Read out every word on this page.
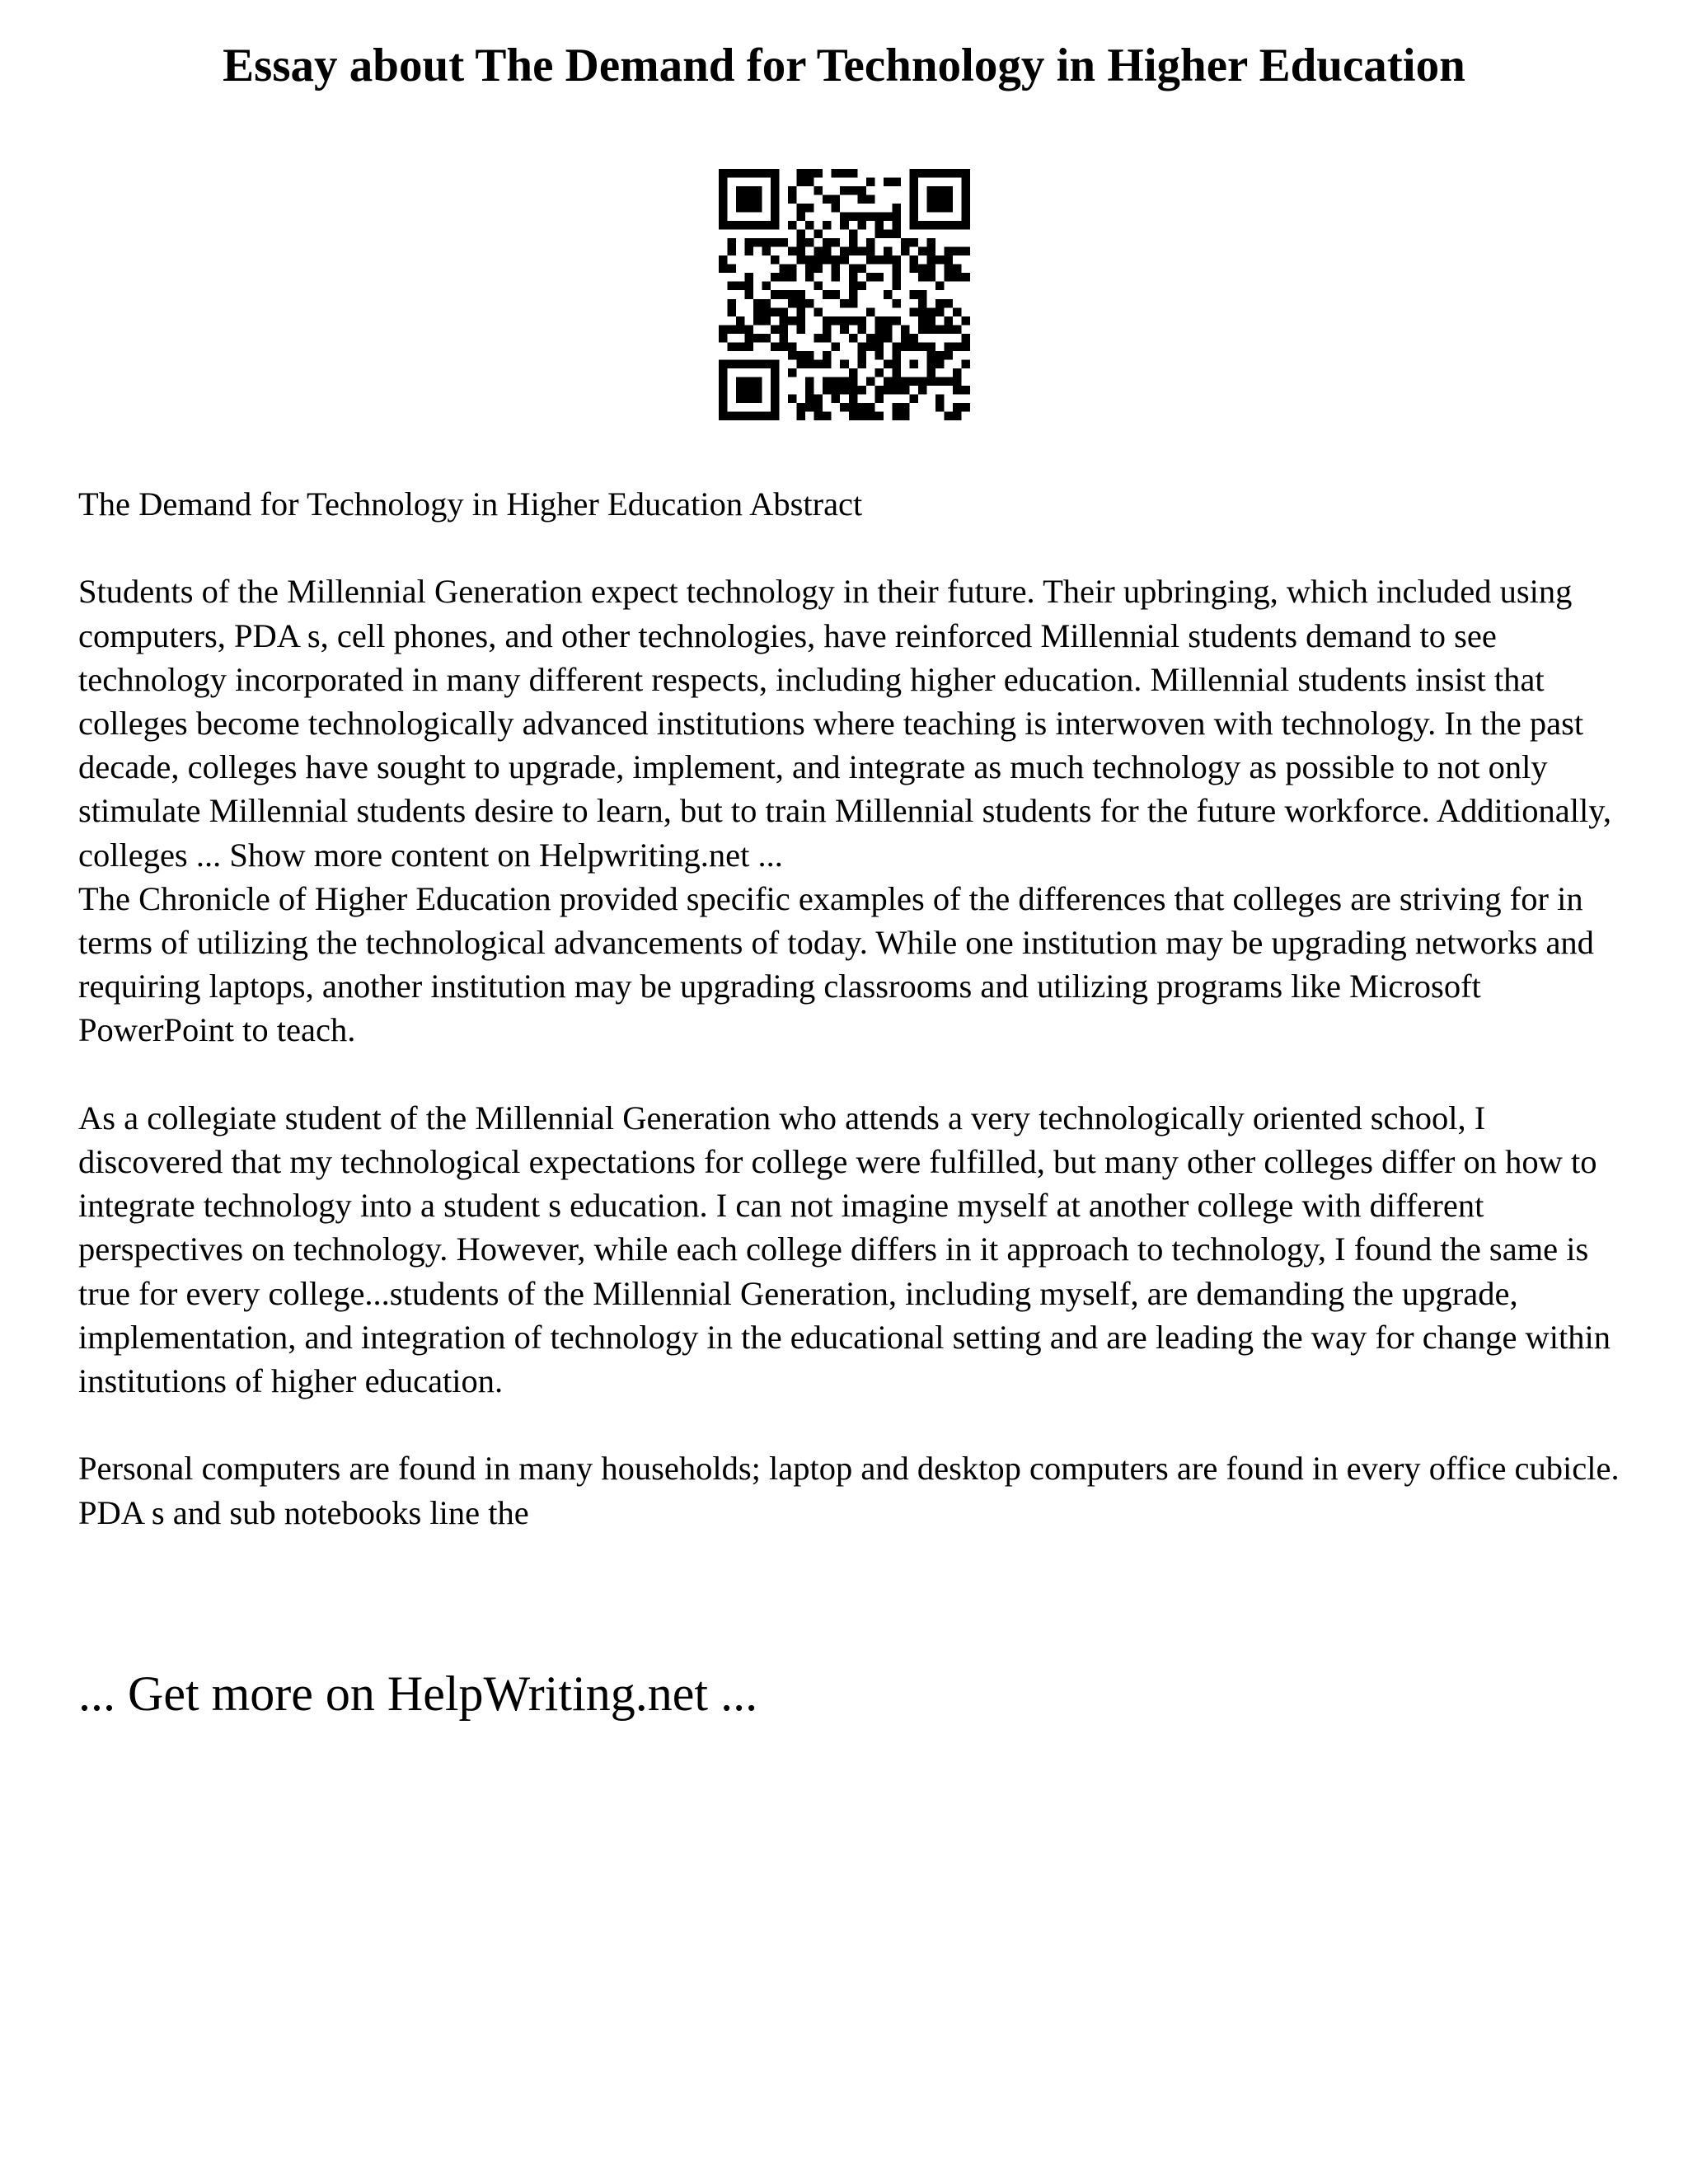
Essay about The Demand for Technology in Higher Education

The Demand for Technology in Higher Education Abstract

Students of the Millennial Generation expect technology in their future. Their upbringing, which included using computers, PDA s, cell phones, and other technologies, have reinforced Millennial students demand to see technology incorporated in many different respects, including higher education. Millennial students insist that colleges become technologically advanced institutions where teaching is interwoven with technology. In the past decade, colleges have sought to upgrade, implement, and integrate as much technology as possible to not only stimulate Millennial students desire to learn, but to train Millennial students for the future workforce. Additionally, colleges ... Show more content on Helpwriting.net ...

The Chronicle of Higher Education provided specific examples of the differences that colleges are striving for in terms of utilizing the technological advancements of today. While one institution may be upgrading networks and requiring laptops, another institution may be upgrading classrooms and utilizing programs like Microsoft PowerPoint to teach.

As a collegiate student of the Millennial Generation who attends a very technologically oriented school, I discovered that my technological expectations for college were fulfilled, but many other colleges differ on how to integrate technology into a student s education. I can not imagine myself at another college with different perspectives on technology. However, while each college differs in it approach to technology, I found the same is true for every college...students of the Millennial Generation, including myself, are demanding the upgrade, implementation, and integration of technology in the educational setting and are leading the way for change within institutions of higher education.

Personal computers are found in many households; laptop and desktop computers are found in every office cubicle. PDA s and sub notebooks line the

... Get more on HelpWriting.net ...
